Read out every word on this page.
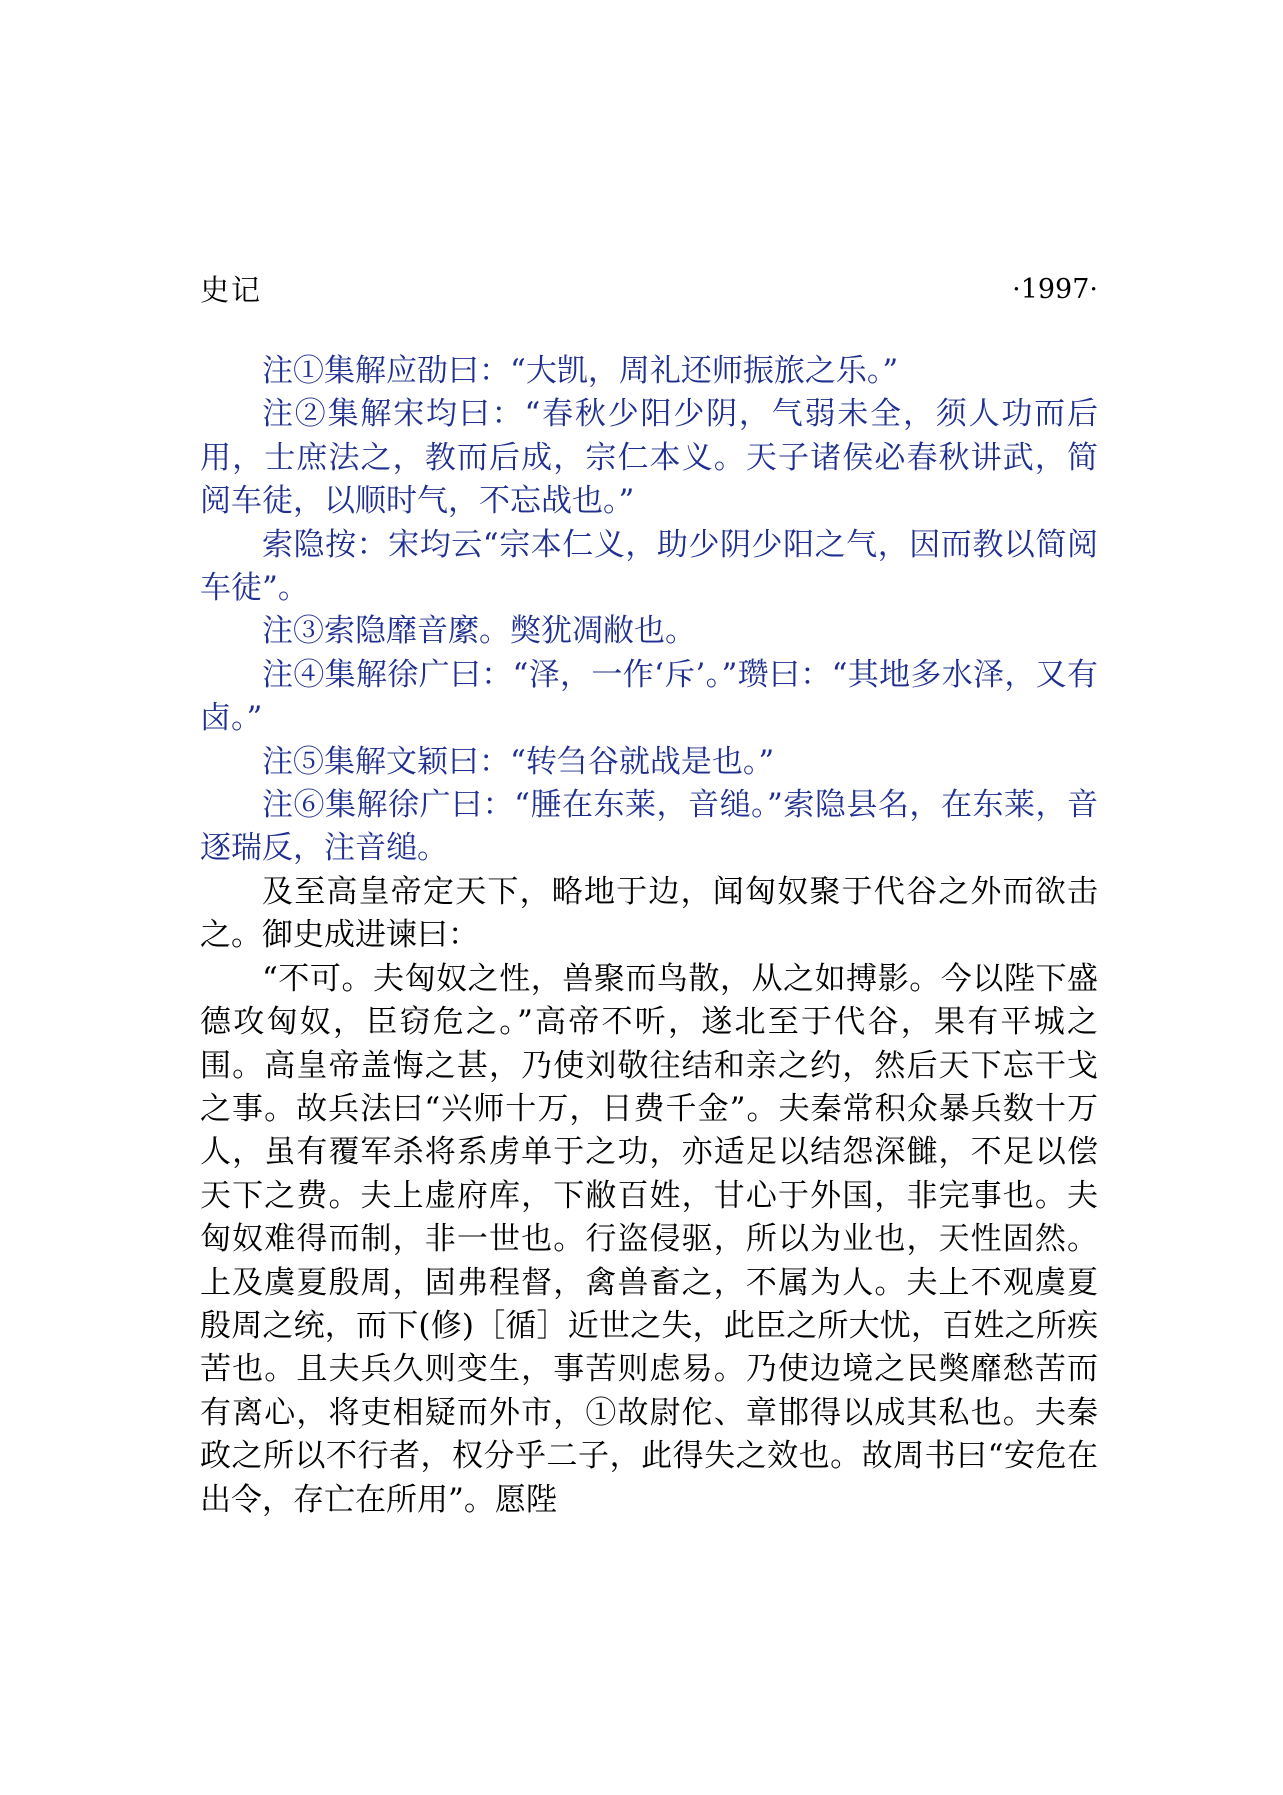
史记	·1997·

注①集解应劭曰：“大凯，周礼还师振旅之乐。”

注②集解宋均曰：“春秋少阳少阴，气弱未全，须人功而后用，士庶法之，教而后成，宗仁本义。天子诸侯必春秋讲武，简阅车徒，以顺时气，不忘战也。”

索隐按：宋均云“宗本仁义，助少阴少阳之气，因而教以简阅车徒”。

注③索隐靡音縻。獘犹凋敝也。

注④集解徐广曰：“泽，一作‘斥’。”瓒曰：“其地多水泽，又有卤。”

注⑤集解文颖曰：“转刍谷就战是也。”

注⑥集解徐广曰：“腄在东莱，音缒。”索隐县名，在东莱，音逐瑞反，注音缒。

及至高皇帝定天下，略地于边，闻匈奴聚于代谷之外而欲击之。御史成进谏曰：

“不可。夫匈奴之性，兽聚而鸟散，从之如搏影。今以陛下盛德攻匈奴，臣窃危之。”高帝不听，遂北至于代谷，果有平城之围。高皇帝盖悔之甚，乃使刘敬往结和亲之约，然后天下忘干戈之事。故兵法曰“兴师十万，日费千金”。夫秦常积众暴兵数十万人，虽有覆军杀将系虏单于之功，亦适足以结怨深雠，不足以偿天下之费。夫上虚府库，下敝百姓，甘心于外国，非完事也。夫匈奴难得而制，非一世也。行盗侵驱，所以为业也，天性固然。上及虞夏殷周，固弗程督，禽兽畜之，不属为人。夫上不观虞夏殷周之统，而下(修)［循］近世之失，此臣之所大忧，百姓之所疾苦也。且夫兵久则变生，事苦则虑易。乃使边境之民獘靡愁苦而有离心，将吏相疑而外市，①故尉佗、章邯得以成其私也。夫秦政之所以不行者，权分乎二子，此得失之效也。故周书曰“安危在出令，存亡在所用”。愿陛
